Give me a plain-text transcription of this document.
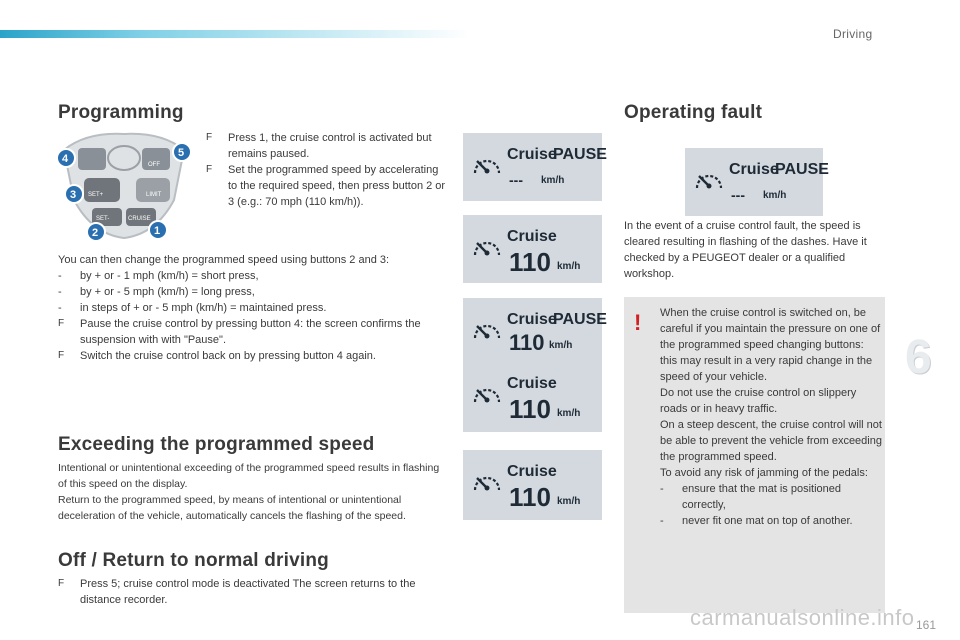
Driving
Programming
SET+
SET-	CRUISE
LIMIT
OFF
1
2
3
4	5
F	Press 1, the cruise control is activated but remains paused.
F	Set the programmed speed by accelerating to the required speed, then press button 2 or 3 (e.g.: 70 mph (110 km/h)).
You can then change the programmed speed using buttons 2 and 3:
- by + or - 1 mph (km/h) = short press,
- by + or - 5 mph (km/h) = long press,
- in steps of + or - 5 mph (km/h) = maintained press.
F	Pause the cruise control by pressing button 4: the screen confirms the suspension with with "Pause".
F	Switch the cruise control back on by pressing button 4 again.
Exceeding the programmed speed
Intentional or unintentional exceeding of the programmed speed results in flashing of this speed on the display.
Return to the programmed speed, by means of intentional or unintentional deceleration of the vehicle, automatically cancels the flashing of the speed.
Off / Return to normal driving
F	Press 5; cruise control mode is deactivated The screen returns to the distance recorder.
Cruise
PAUSE
--- km/h
Cruise
110 km/h
Cruise
PAUSE
110 km/h
Cruise
110 km/h
Cruise
110 km/h
Cruise
PAUSE
--- km/h
Operating fault
In the event of a cruise control fault, the speed is cleared resulting in flashing of the dashes. Have it checked by a PEUGEOT dealer or a qualified workshop.
! When the cruise control is switched on, be careful if you maintain the pressure on one of the programmed speed changing buttons: this may result in a very rapid change in the speed of your vehicle.
Do not use the cruise control on slippery roads or in heavy traffic.
On a steep descent, the cruise control will not be able to prevent the vehicle from exceeding the programmed speed.
To avoid any risk of jamming of the pedals:
- ensure that the mat is positioned correctly,
- never fit one mat on top of another.
6
carmanualsonline.info 161
